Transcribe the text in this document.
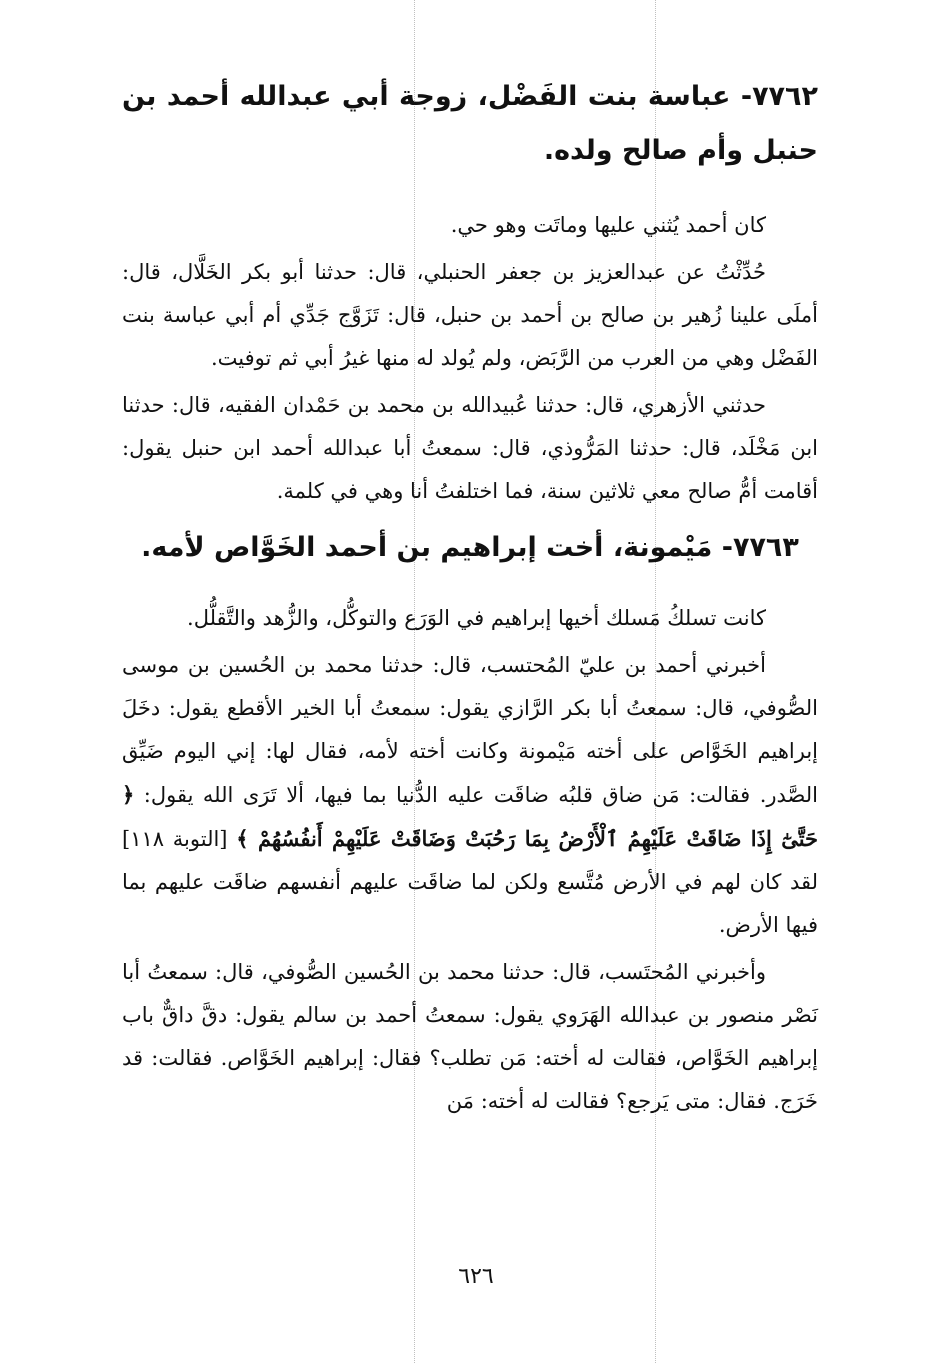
٧٧٦٢- عباسة بنت الفَضْل، زوجة أبي عبدالله أحمد بن حنبل وأم صالح ولده.

كان أحمد يُثني عليها وماتَت وهو حي.

حُدِّثْتُ عن عبدالعزيز بن جعفر الحنبلي، قال: حدثنا أبو بكر الخَلَّال، قال: أملَى علينا زُهير بن صالح بن أحمد بن حنبل، قال: تَزَوَّج جَدِّي أم أبي عباسة بنت الفَضْل وهي من العرب من الرَّبَض، ولم يُولد له منها غيرُ أبي ثم توفيت.

حدثني الأزهري، قال: حدثنا عُبيدالله بن محمد بن حَمْدان الفقيه، قال: حدثنا ابن مَخْلَد، قال: حدثنا المَرُّوذي، قال: سمعتُ أبا عبدالله أحمد ابن حنبل يقول: أقامت أمُّ صالح معي ثلاثين سنة، فما اختلفتُ أنا وهي في كلمة.

٧٧٦٣- مَيْمونة، أخت إبراهيم بن أحمد الخَوَّاص لأمه.

كانت تسلكُ مَسلك أخيها إبراهيم في الوَرَع والتوكُّل، والزُّهد والتَّقلُّل.

أخبرني أحمد بن عليّ المُحتسب، قال: حدثنا محمد بن الحُسين بن موسى الصُّوفي، قال: سمعتُ أبا بكر الرَّازي يقول: سمعتُ أبا الخير الأقطع يقول: دخَلَ إبراهيم الخَوَّاص على أخته مَيْمونة وكانت أخته لأمه، فقال لها: إني اليوم ضَيِّق الصَّدر. فقالت: مَن ضاق قلبُه ضاقَت عليه الدُّنيا بما فيها، ألا تَرَى الله يقول: ﴿ حَتَّىٰٓ إِذَا ضَاقَتْ عَلَيْهِمُ ٱلْأَرْضُ بِمَا رَحُبَتْ وَضَاقَتْ عَلَيْهِمْ أَنفُسُهُمْ ﴾ [التوبة ١١٨] لقد كان لهم في الأرض مُتَّسع ولكن لما ضاقَت عليهم أنفسهم ضاقَت عليهم بما فيها الأرض.

وأخبرني المُحتَسب، قال: حدثنا محمد بن الحُسين الصُّوفي، قال: سمعتُ أبا نَصْر منصور بن عبدالله الهَرَوي يقول: سمعتُ أحمد بن سالم يقول: دقَّ داقٌّ باب إبراهيم الخَوَّاص، فقالت له أخته: مَن تطلب؟ فقال: إبراهيم الخَوَّاص. فقالت: قد خَرَج. فقال: متى يَرجع؟ فقالت له أخته: مَن

٦٢٦
